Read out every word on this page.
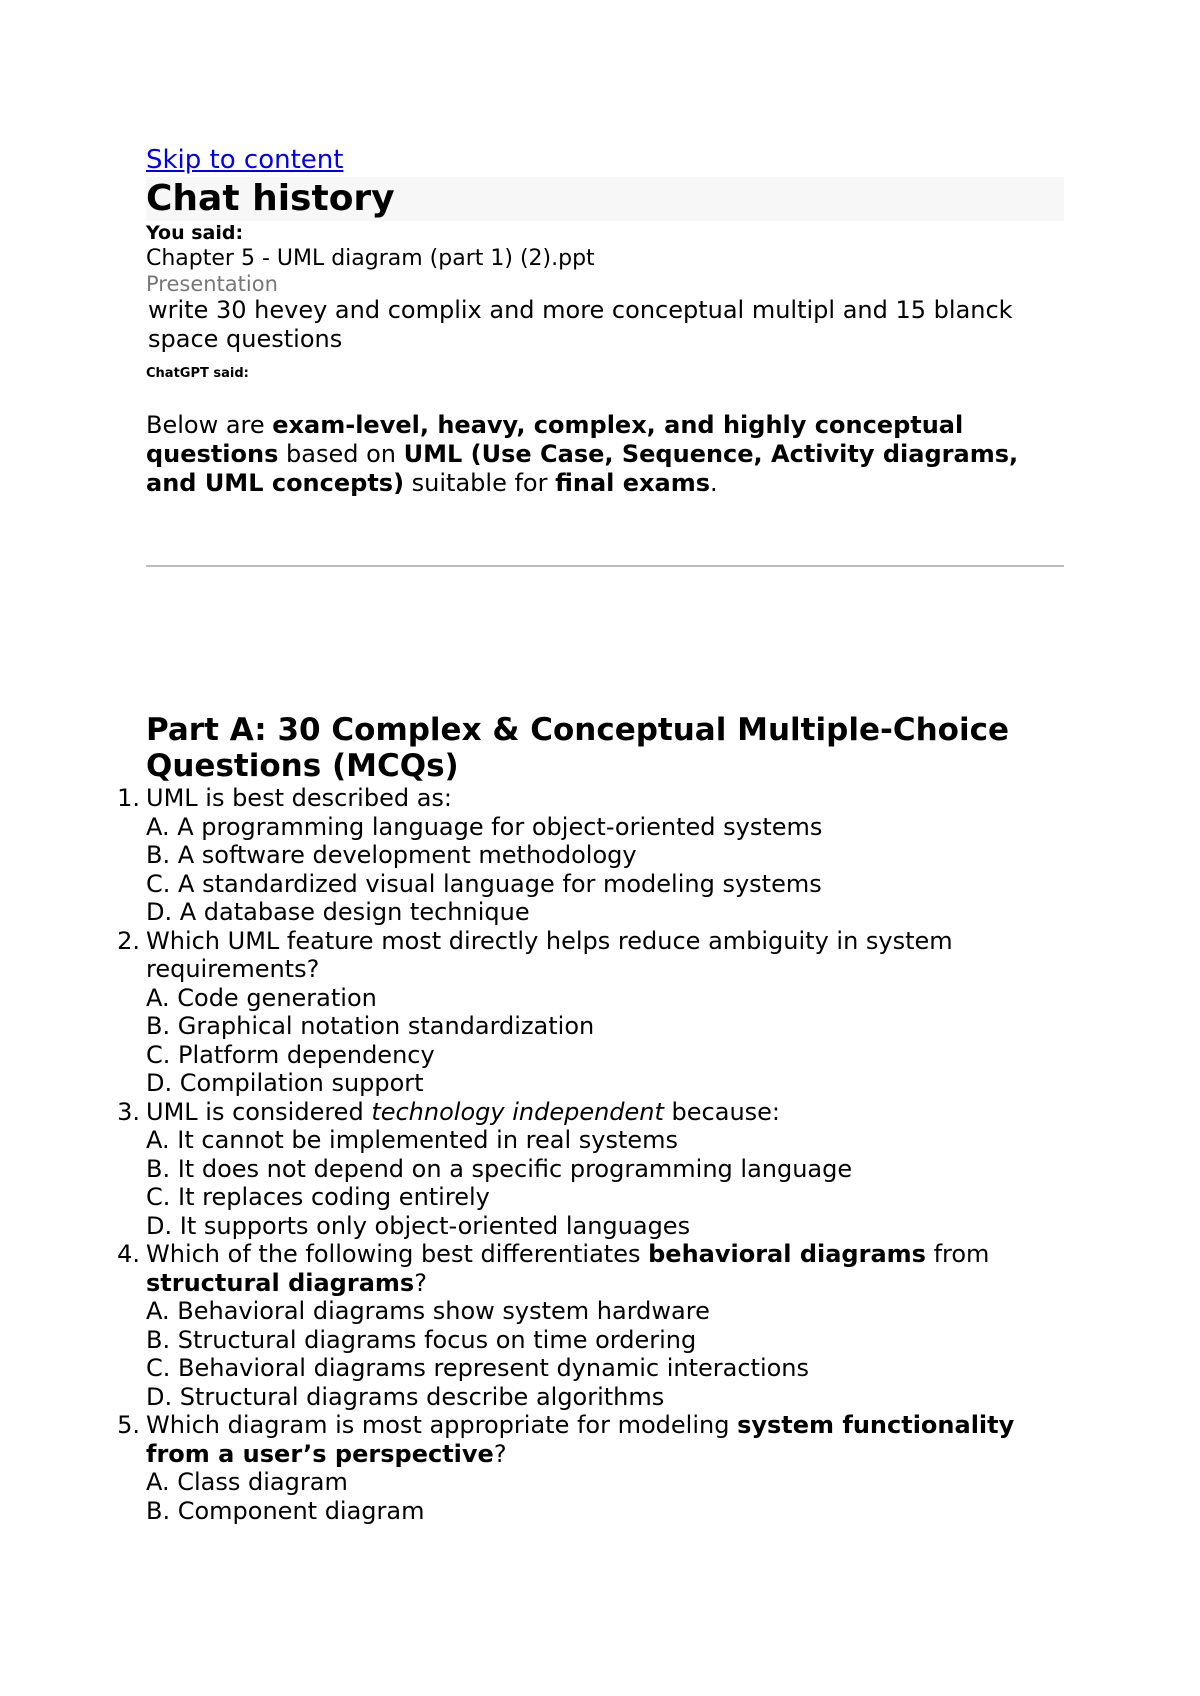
Skip to content
Chat history
You said:
Chapter 5 - UML diagram (part 1) (2).ppt
Presentation
write 30 hevey and complix and more conceptual multipl and 15 blanck space questions
ChatGPT said:

Below are exam-level, heavy, complex, and highly conceptual questions based on UML (Use Case, Sequence, Activity diagrams, and UML concepts) suitable for final exams.

Part A: 30 Complex & Conceptual Multiple-Choice Questions (MCQs)
1. UML is best described as:
A. A programming language for object-oriented systems
B. A software development methodology
C. A standardized visual language for modeling systems
D. A database design technique
2. Which UML feature most directly helps reduce ambiguity in system requirements?
A. Code generation
B. Graphical notation standardization
C. Platform dependency
D. Compilation support
3. UML is considered technology independent because:
A. It cannot be implemented in real systems
B. It does not depend on a specific programming language
C. It replaces coding entirely
D. It supports only object-oriented languages
4. Which of the following best differentiates behavioral diagrams from structural diagrams?
A. Behavioral diagrams show system hardware
B. Structural diagrams focus on time ordering
C. Behavioral diagrams represent dynamic interactions
D. Structural diagrams describe algorithms
5. Which diagram is most appropriate for modeling system functionality from a user’s perspective?
A. Class diagram
B. Component diagram
